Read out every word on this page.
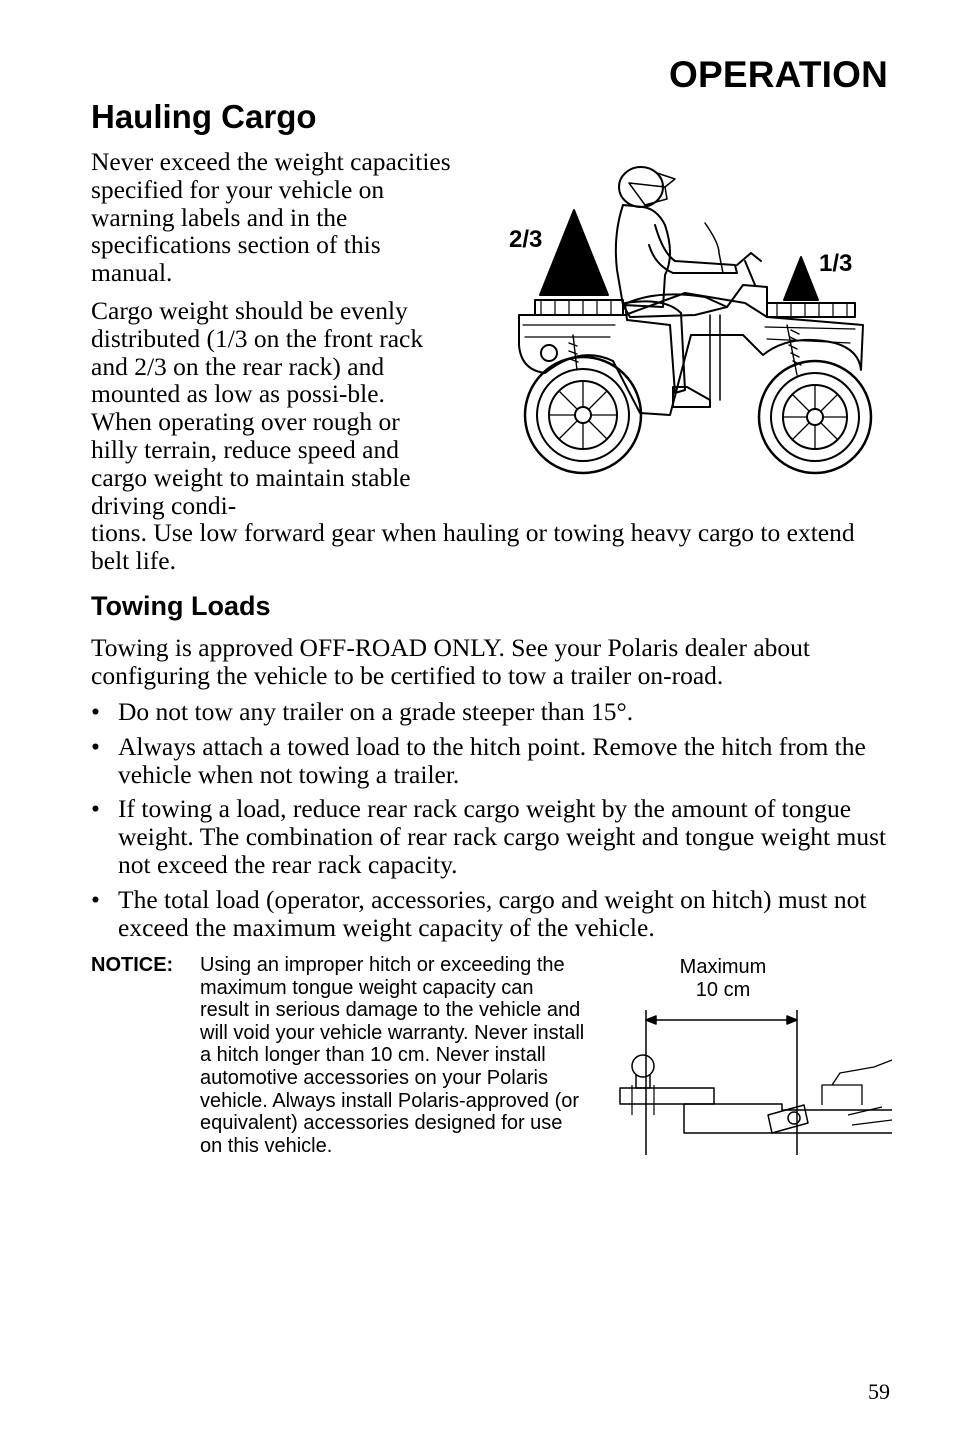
OPERATION
Hauling Cargo

Never exceed the weight capacities specified for your vehicle on warning labels and in the specifications section of this manual.

Cargo weight should be evenly distributed (1/3 on the front rack and 2/3 on the rear rack) and mounted as low as possi-ble. When operating over rough or hilly terrain, reduce speed and cargo weight to maintain stable driving condi-

tions. Use low forward gear when hauling or towing heavy cargo to extend belt life.

2/3
1/3
Towing Loads

Towing is approved OFF-ROAD ONLY. See your Polaris dealer about configuring the vehicle to be certified to tow a trailer on-road.

• Do not tow any trailer on a grade steeper than 15°.
• Always attach a towed load to the hitch point. Remove the hitch from the vehicle when not towing a trailer.
• If towing a load, reduce rear rack cargo weight by the amount of tongue weight. The combination of rear rack cargo weight and tongue weight must not exceed the rear rack capacity.
• The total load (operator, accessories, cargo and weight on hitch) must not exceed the maximum weight capacity of the vehicle.
NOTICE: Using an improper hitch or exceeding the maximum tongue weight capacity can result in serious damage to the vehicle and will void your vehicle warranty. Never install a hitch longer than 10 cm. Never install automotive accessories on your Polaris vehicle. Always install Polaris-approved (or equivalent) accessories designed for use on this vehicle.
Maximum
10 cm
59
